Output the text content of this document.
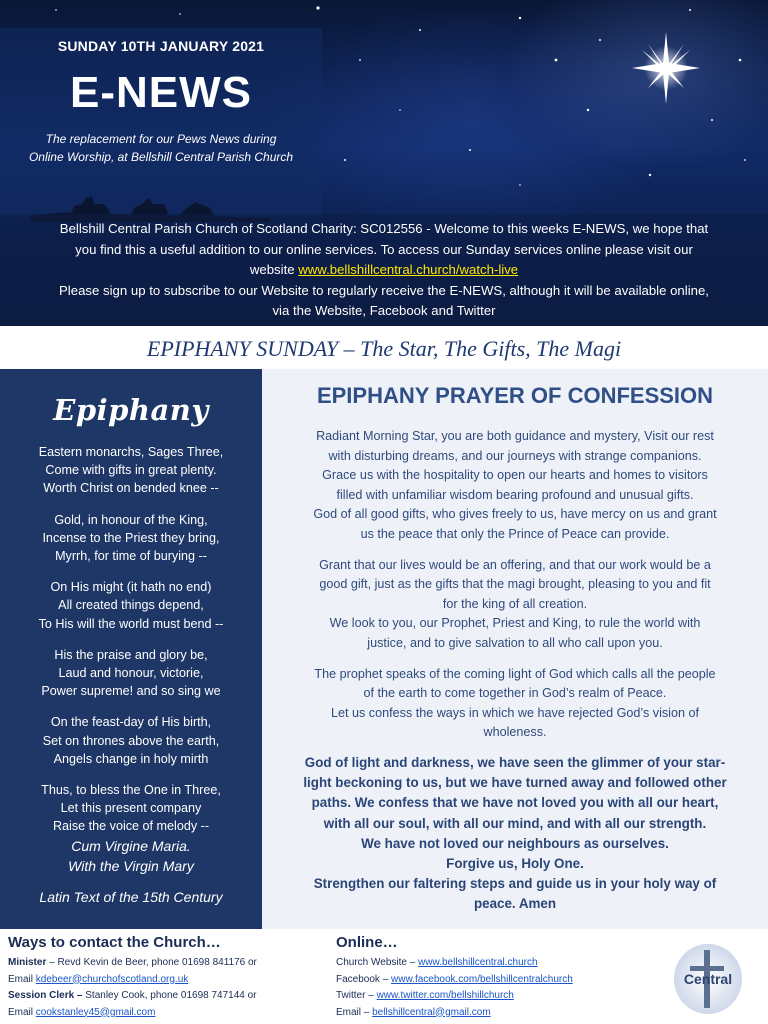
SUNDAY 10TH JANUARY 2021
E-NEWS
The replacement for our Pews News during
Online Worship, at Bellshill Central Parish Church
Bellshill Central Parish Church of Scotland Charity: SC012556 - Welcome to this weeks E-NEWS, we hope that
you find this a useful addition to our online services. To access our Sunday services online please visit our
website www.bellshillcentral.church/watch-live
Please sign up to subscribe to our Website to regularly receive the E-NEWS, although it will be available online,
via the Website, Facebook and Twitter
EPIPHANY SUNDAY – The Star, The Gifts, The Magi
Epiphany
Eastern monarchs, Sages Three,
Come with gifts in great plenty.
Worth Christ on bended knee --
Gold, in honour of the King,
Incense to the Priest they bring,
Myrrh, for time of burying --
On His might (it hath no end)
All created things depend,
To His will the world must bend --
His the praise and glory be,
Laud and honour, victorie,
Power supreme! and so sing we
On the feast-day of His birth,
Set on thrones above the earth,
Angels change in holy mirth
Thus, to bless the One in Three,
Let this present company
Raise the voice of melody --
Cum Virgine Maria.
With the Virgin Mary
Latin Text of the 15th Century
EPIPHANY PRAYER OF CONFESSION

Radiant Morning Star, you are both guidance and mystery, Visit our rest
with disturbing dreams, and our journeys with strange companions.
Grace us with the hospitality to open our hearts and homes to visitors
filled with unfamiliar wisdom bearing profound and unusual gifts.
God of all good gifts, who gives freely to us, have mercy on us and grant
us the peace that only the Prince of Peace can provide.

Grant that our lives would be an offering, and that our work would be a
good gift, just as the gifts that the magi brought, pleasing to you and fit
for the king of all creation.
We look to you, our Prophet, Priest and King, to rule the world with
justice, and to give salvation to all who call upon you.

The prophet speaks of the coming light of God which calls all the people
of the earth to come together in God’s realm of Peace.
Let us confess the ways in which we have rejected God’s vision of
wholeness.

God of light and darkness, we have seen the glimmer of your star-
light beckoning to us, but we have turned away and followed other
paths. We confess that we have not loved you with all our heart,
with all our soul, with all our mind, and with all our strength.
We have not loved our neighbours as ourselves.
Forgive us, Holy One.
Strengthen our faltering steps and guide us in your holy way of
peace. Amen
Ways to contact the Church…
Minister – Revd Kevin de Beer, phone 01698 841176 or
Email kdebeer@churchofscotland.org.uk
Session Clerk – Stanley Cook, phone 01698 747144 or
Email cookstanley45@gmail.com
Online…
Church Website – www.bellshillcentral.church
Facebook – www.facebook.com/bellshillcentralchurch
Twitter – www.twitter.com/bellshillchurch
Email – bellshillcentral@gmail.com
Central
